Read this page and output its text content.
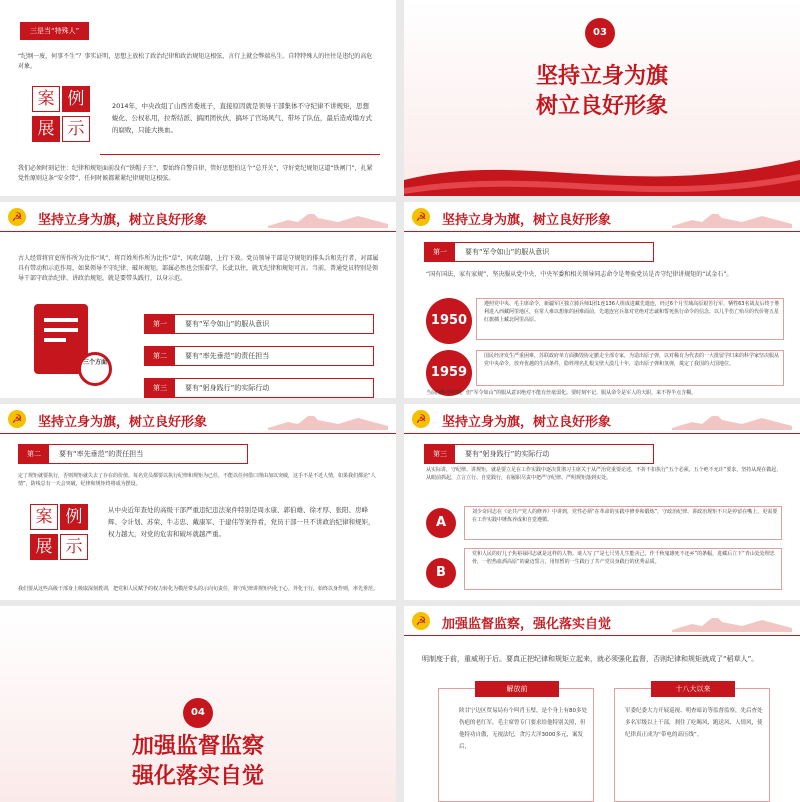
三是当“特殊人”
“纪纲一废，何事不生”？事实证明，思想上放松了政治纪律和政治规矩这根弦，言行上就会弊端丛生。自特特殊人的往往是违纪的高危对象。
案 例
展 示
2014年，中央改组了山西省委班子，直接原因就是领导干部集体不守纪律不讲规矩，思想蜕化、公权私用，拉帮结派、搞团团伙伙，搞坏了官场风气、带坏了队伍，最后造成塌方式的腐败，只能大换血。
我们必须时刻记住：纪律和规矩面前没有“铁帽子王”，要始终自警自律，管好思想怕这个“总开关”，守好党纪规矩这道“铁闸门”，扎紧党性原则这条“安全带”，任何时候都紧紧纪律规矩这根弦。
03
坚持立身为旗
树立良好形象
☭ 坚持立身为旗，树立良好形象
古人经常将官吏所作所为比作“风”，将百姓所作所为比作“草”，风吹草随，上行下效。党员领导干部是守规矩的排头兵和先行者，对部属具有带动和示范作用，如果领导不守纪律、破坏规矩，部属必然也会照着学，长此以往，就无纪律和规矩可言。当前，普通党员特别是领导干部守政治纪律、讲政治规矩，就是要带头践行，以身示范。
三个方面
第一	要有“军令如山”的服从意识
第二	要有“率先垂范”的责任担当
第三	要有“躬身践行”的实际行动
☭ 坚持立身为旗，树立良好形象
第一	要有“军令如山”的服从意识
“国有国法，家有家规”，坚决服从党中央、中央军委和相关领导同志命令是考验党员是否守纪律讲规矩的“试金石”。
1950
遵照党中央、毛主席命令，新疆军区独立骑兵师1团1连136人组成进藏先遣连，经过6个月雪域高原艰苦行军，牺牲63名战友后终于胜利进入西藏阿里地区，在常人难以想象的困难面前，先遣连官兵靠对党绝对忠诚和誓死执行命令的信念，以几乎伤亡殆尽的代价将五星红旗插上藏北阿里高原。
1959
国民经济发生严重困难，苏联政府单方面撕毁协定撤走全部专家，为造出原子弹，以对稀有为代表的一大批留学归来的科学家坚决服从党中央命令，放弃优越的生活条件，隐姓埋名扎根戈壁大漠几十年，造出原子弹和氢弹，奠定了我国的大国地位。
当前国和平时期，但“军令如山”的服从意识绝对不能有丝毫弱化。要时刻牢记，服从命令是军人的天职，来不得半点含糊。
☭ 坚持立身为旗，树立良好形象
第二	要有“率先垂范”的责任担当
定了规矩就要执行，否则规矩就失去了存在的价值。每名党员都要以执行纪律和规矩为已任，不能以任何借口理由加以突破，这手不是不近人情，如果我们都论“人情”，防线总有一天会突破，纪律和规矩终将成为摆设。
案 例
展 示
从中央近年查处的高级干部严重违纪违法案件特别是周永康、郭伯雄、徐才厚、张阳、房峰辉、令计划、苏荣、牛志忠、戴康军、于建伟等案件看，党员干部一旦不讲政治纪律和规矩，权力越大，对党的危害和破坏就越严重。
我们要从这些高级干部身上吸取深刻教训，把党和人民赋予的权力转化为模范带头的示向旬责任，将守纪律讲规矩内化于心，外化于行，始终以身作则，率先垂范。
☭ 坚持立身为旗，树立良好形象
第三	要有“躬身践行”的实际行动
A
刘少奇同志在《论共产党人的修养》中讲到，党性必须“在革命的实践中修养和锻炼”，守政治纪律、讲政治规矩不只是停留在嘴上，更需要在工作实践中锤炼养成和自觉遵循。
B
党和人民的好儿子焦裕禄同志就是这样的人物。谈人写了“是七尺男儿生能舍己，作千秋鬼雄死不还乡”的条幅，进藏后立下“青山处处埋忠骨，一腔热血酒高原”的豪迈誓言，用短暂的一生践行了共产党员身践行的优秀品质。
从实际讲，守纪律、讲规矩，就是要立足在工作实践中逐决贯彻习主席关于从严治党重要论述，不折不扣执行“五个必须、五个绝不允许”要求，坚持从现在做起，从眼前抓起，立言立行、自觉践行，在履职尽责中把严守纪律、严明规矩落到实处。
04
加强监督监察
强化落实自觉
☭ 加强监督监察，强化落实自觉
明制度于前，重威刑于后。要真正把纪律和规矩立起来，就必须强化监督，否则纪律和规矩就成了“稻草人”。
解放前
陕甘宁边区贸易局有个叫肖玉璧，是个身上有80多处伤疤的老红军，毛主席曾专门要求给他特别关照，但他特功自傲，无视法纪，贪污大洋3000多元，案发后，
十八大以来
军委纪委大力开展巡视、明查暗访等监督监察，先后查处多名军级以上干部，刹住了吃喝风、跑送风、人情风，使纪律真正成为“带电的高压线”。
